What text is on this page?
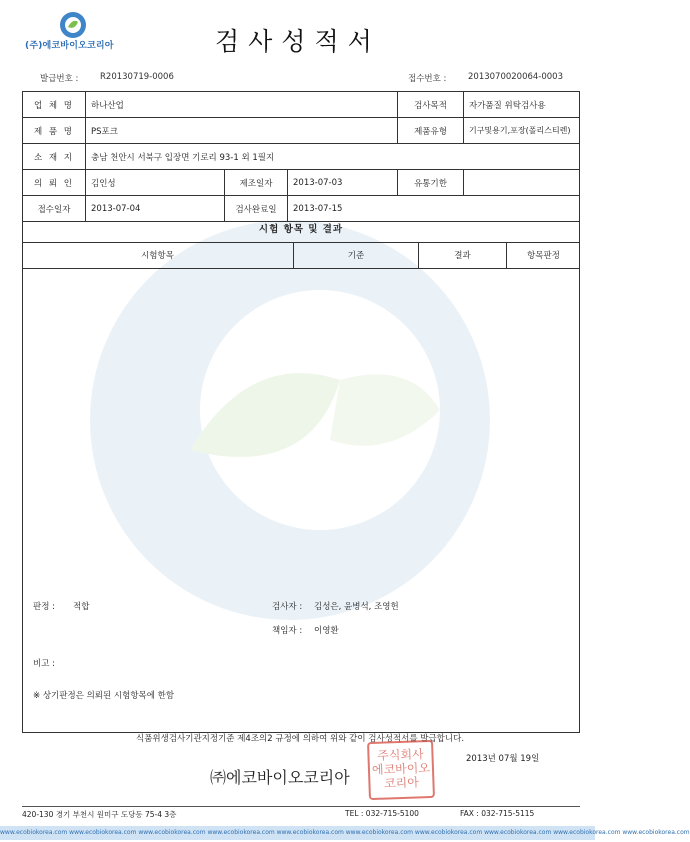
(주)에코바이오코리아	검사성적서
발급번호 :	R20130719-0006	접수번호 :	2013070020064-0003
업 체 명	하나산업			검사목적	자가품질 위탁검사용
제 품 명	PS포크			제품유형	기구및용기,포장(폴리스티렌)
소 재 지	충남 천안시 서북구 입장면 기로리 93-1 외 1필지				
의 뢰 인	김인성	제조일자	2013-07-03	유통기한	
접수일자	2013-07-04	검사완료일	2013-07-15		
시험 항목 및 결과
시험항목	기준	결과	항목판정
판정 : 적합	검사자 : 김성은, 윤병석, 조영헌
책임자 : 이영환
비고 :
※ 상기판정은 의뢰된 시험항목에 한함
식품위생검사기관지정기준 제4조의2 규정에 의하여 위와 같이 검사성적서를 발급합니다.
2013년 07월 19일
㈜에코바이오코리아
주식회사
에코바이오
코리아
420-130 경기 부천시 원미구 도당동 75-4 3층	TEL : 032-715-5100	FAX : 032-715-5115
www.ecobiokorea.com www.ecobiokorea.com www.ecobiokorea.com www.ecobiokorea.com www.ecobiokorea.com www.ecobiokorea.com www.ecobiokorea.com www.ecobiokorea.com www.ecobiokorea.com www.ecobiokorea.com
